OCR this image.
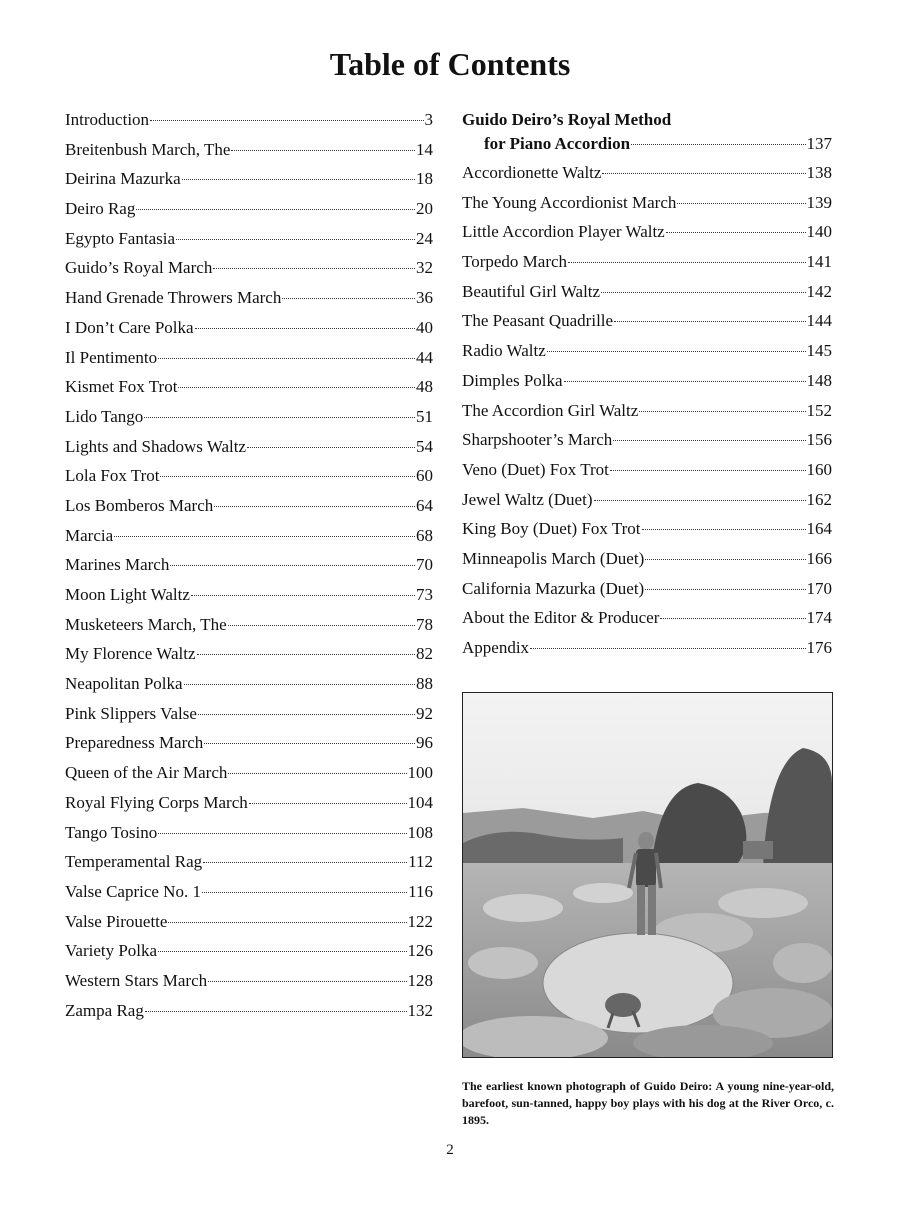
Table of Contents
Introduction	3
Breitenbush March, The	14
Deirina Mazurka	18
Deiro Rag	20
Egypto Fantasia	24
Guido’s Royal March	32
Hand Grenade Throwers March	36
I Don’t Care Polka	40
Il Pentimento	44
Kismet Fox Trot	48
Lido Tango	51
Lights and Shadows Waltz	54
Lola Fox Trot	60
Los Bomberos March	64
Marcia	68
Marines March	70
Moon Light Waltz	73
Musketeers March, The	78
My Florence Waltz	82
Neapolitan Polka	88
Pink Slippers Valse	92
Preparedness March	96
Queen of the Air March	100
Royal Flying Corps March	104
Tango Tosino	108
Temperamental Rag	112
Valse Caprice No. 1	116
Valse Pirouette	122
Variety Polka	126
Western Stars March	128
Zampa Rag	132
Guido Deiro’s Royal Method
for Piano Accordion	137
Accordionette Waltz	138
The Young Accordionist March	139
Little Accordion Player Waltz	140
Torpedo March	141
Beautiful Girl Waltz	142
The Peasant Quadrille	144
Radio Waltz	145
Dimples Polka	148
The Accordion Girl Waltz	152
Sharpshooter’s March	156
Veno (Duet) Fox Trot	160
Jewel Waltz (Duet)	162
King Boy (Duet) Fox Trot	164
Minneapolis March (Duet)	166
California Mazurka (Duet)	170
About the Editor & Producer	174
Appendix	176
The earliest known photograph of Guido Deiro: A young nine-year-old, barefoot, sun-tanned, happy boy plays with his dog at the River Orco, c. 1895.
2
